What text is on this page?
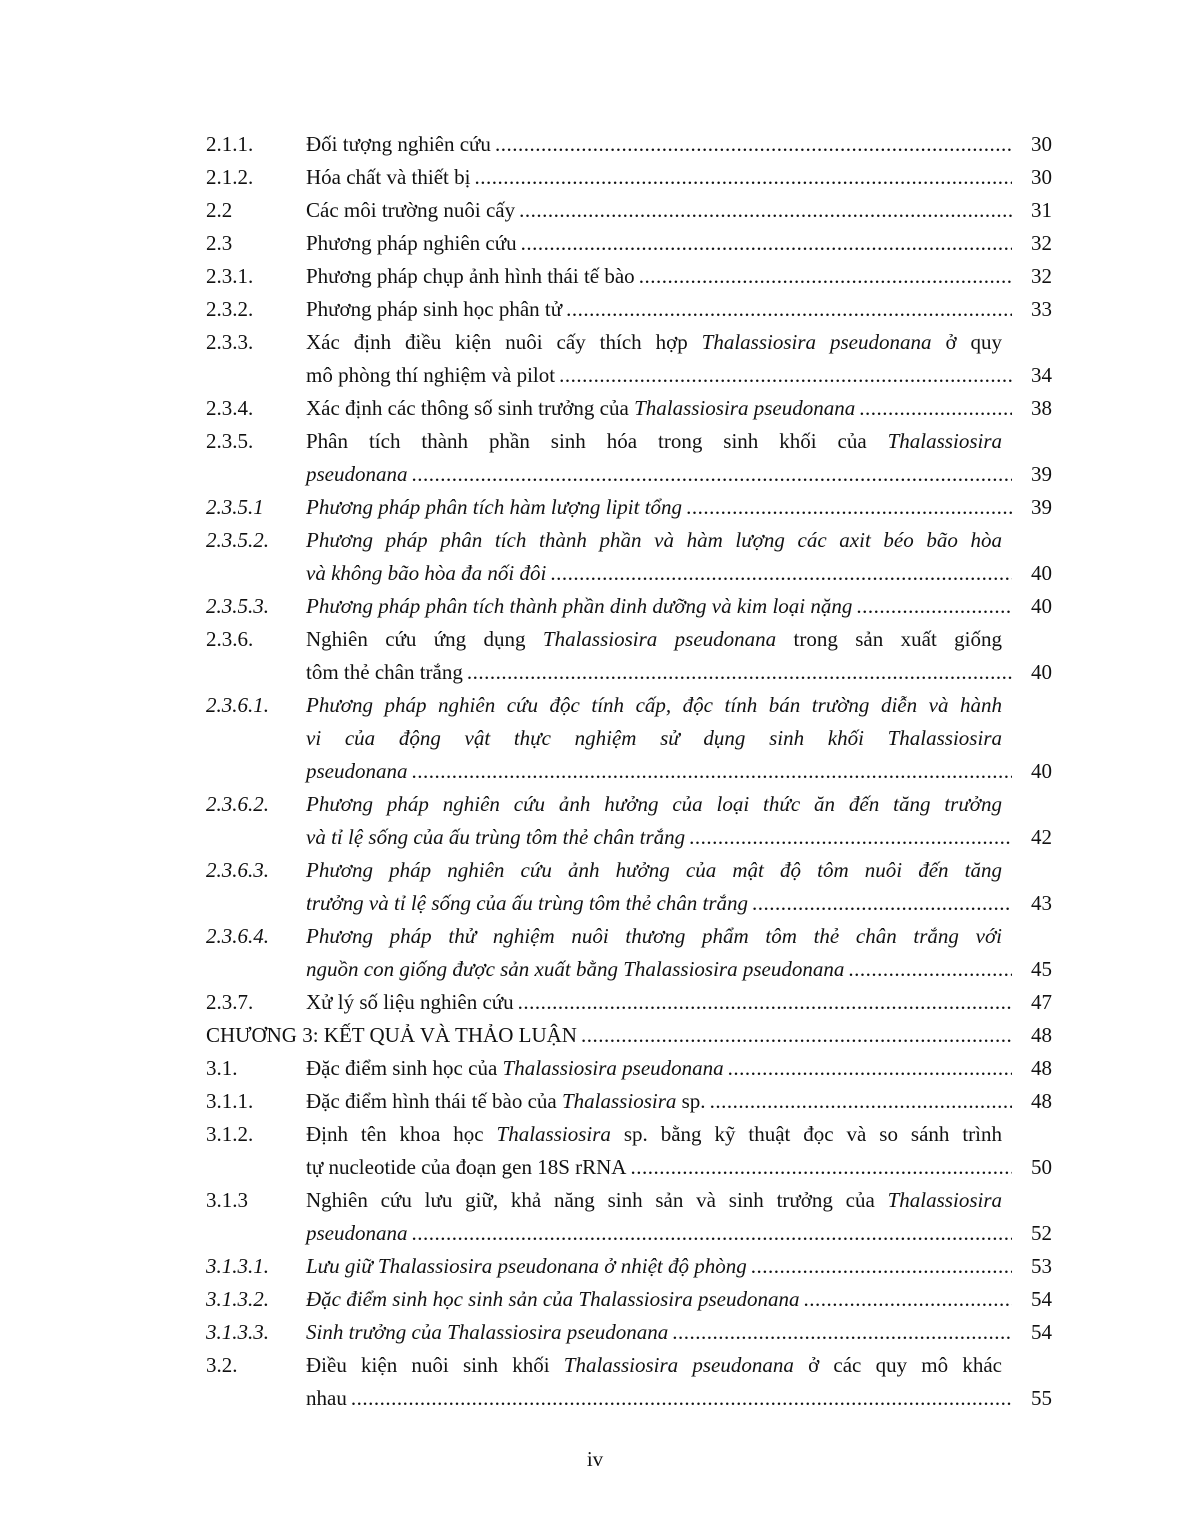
2.1.1.	Đối tượng nghiên cứu .....	30
2.1.2.	Hóa chất và thiết bị .....	30
2.2	Các môi trường nuôi cấy .....	31
2.3	Phương pháp nghiên cứu .....	32
2.3.1.	Phương pháp chụp ảnh hình thái tế bào .....	32
2.3.2.	Phương pháp sinh học phân tử .....	33
2.3.3.	Xác định điều kiện nuôi cấy thích hợp Thalassiosira pseudonana ở quy
mô phòng thí nghiệm và pilot .....	34
2.3.4.	Xác định các thông số sinh trưởng của Thalassiosira pseudonana .....	38
2.3.5.	Phân tích thành phần sinh hóa trong sinh khối của Thalassiosira
pseudonana .....	39
2.3.5.1	Phương pháp phân tích hàm lượng lipit tổng .....	39
2.3.5.2.	Phương pháp phân tích thành phần và hàm lượng các axit béo bão hòa
và không bão hòa đa nối đôi .....	40
2.3.5.3.	Phương pháp phân tích thành phần dinh dưỡng và kim loại nặng .....	40
2.3.6.	Nghiên cứu ứng dụng Thalassiosira pseudonana trong sản xuất giống
tôm thẻ chân trắng .....	40
2.3.6.1.	Phương pháp nghiên cứu độc tính cấp, độc tính bán trường diễn và hành
vi của động vật thực nghiệm sử dụng sinh khối Thalassiosira
pseudonana .....	40
2.3.6.2.	Phương pháp nghiên cứu ảnh hưởng của loại thức ăn đến tăng trưởng
và tỉ lệ sống của ấu trùng tôm thẻ chân trắng .....	42
2.3.6.3.	Phương pháp nghiên cứu ảnh hưởng của mật độ tôm nuôi đến tăng
trưởng và tỉ lệ sống của ấu trùng tôm thẻ chân trắng .....	43
2.3.6.4.	Phương pháp thử nghiệm nuôi thương phẩm tôm thẻ chân trắng với
nguồn con giống được sản xuất bằng Thalassiosira pseudonana .....	45
2.3.7.	Xử lý số liệu nghiên cứu .....	47
CHƯƠNG 3: KẾT QUẢ VÀ THẢO LUẬN .....	48
3.1.	Đặc điểm sinh học của Thalassiosira pseudonana .....	48
3.1.1.	Đặc điểm hình thái tế bào của Thalassiosira sp. .....	48
3.1.2.	Định tên khoa học Thalassiosira sp. bằng kỹ thuật đọc và so sánh trình
tự nucleotide của đoạn gen 18S rRNA .....	50
3.1.3	Nghiên cứu lưu giữ, khả năng sinh sản và sinh trưởng của Thalassiosira
pseudonana .....	52
3.1.3.1.	Lưu giữ Thalassiosira pseudonana ở nhiệt độ phòng .....	53
3.1.3.2.	Đặc điểm sinh học sinh sản của Thalassiosira pseudonana .....	54
3.1.3.3.	Sinh trưởng của Thalassiosira pseudonana .....	54
3.2.	Điều kiện nuôi sinh khối Thalassiosira pseudonana ở các quy mô khác
nhau .....	55
iv
